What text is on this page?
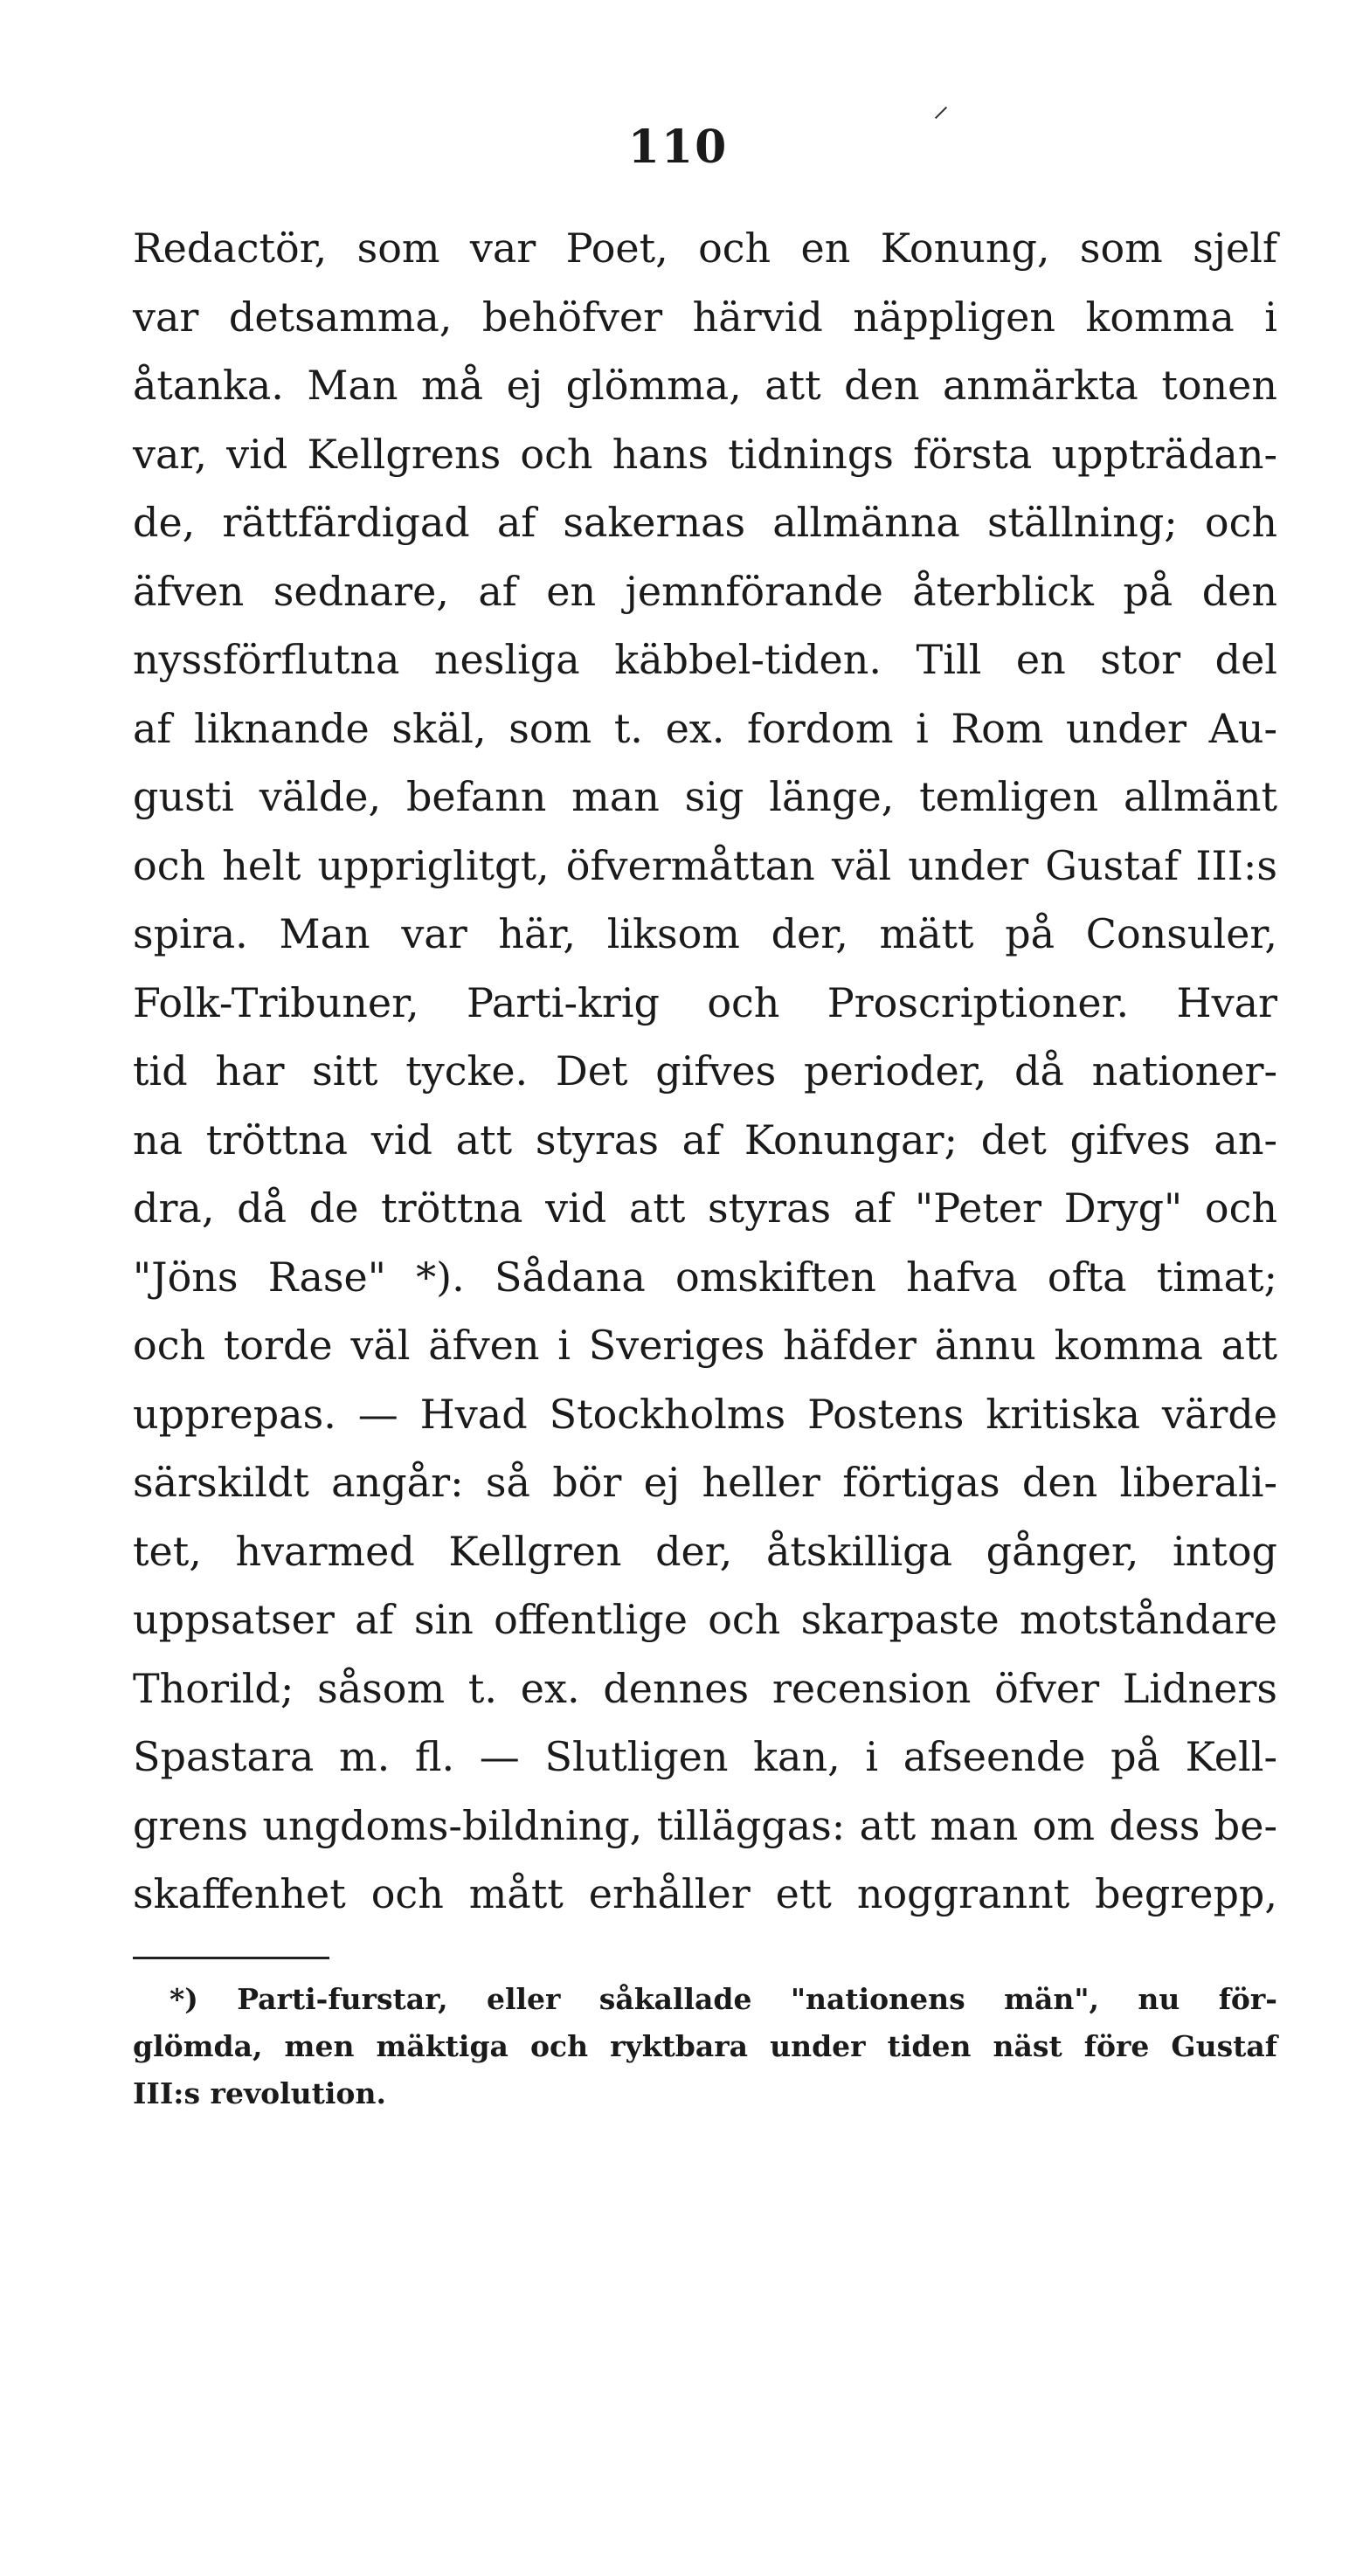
110
Redactör, som var Poet, och en Konung, som sjelf
var detsamma, behöfver härvid näppligen komma i
åtanka. Man må ej glömma, att den anmärkta tonen
var, vid Kellgrens och hans tidnings första uppträdan-
de, rättfärdigad af sakernas allmänna ställning; och
äfven sednare, af en jemnförande återblick på den
nyssförflutna nesliga käbbel-tiden. Till en stor del
af liknande skäl, som t. ex. fordom i Rom under Au-
gusti välde, befann man sig länge, temligen allmänt
och helt uppriglitgt, öfvermåttan väl under Gustaf III:s
spira. Man var här, liksom der, mätt på Consuler,
Folk-Tribuner, Parti-krig och Proscriptioner. Hvar
tid har sitt tycke. Det gifves perioder, då nationer-
na tröttna vid att styras af Konungar; det gifves an-
dra, då de tröttna vid att styras af "Peter Dryg" och
"Jöns Rase" *). Sådana omskiften hafva ofta timat;
och torde väl äfven i Sveriges häfder ännu komma att
upprepas. — Hvad Stockholms Postens kritiska värde
särskildt angår: så bör ej heller förtigas den liberali-
tet, hvarmed Kellgren der, åtskilliga gånger, intog
uppsatser af sin offentlige och skarpaste motståndare
Thorild; såsom t. ex. dennes recension öfver Lidners
Spastara m. fl. — Slutligen kan, i afseende på Kell-
grens ungdoms-bildning, tilläggas: att man om dess be-
skaffenhet och mått erhåller ett noggrannt begrepp,
*) Parti-furstar, eller såkallade "nationens män", nu för-
glömda, men mäktiga och ryktbara under tiden näst före Gustaf
III:s revolution.
